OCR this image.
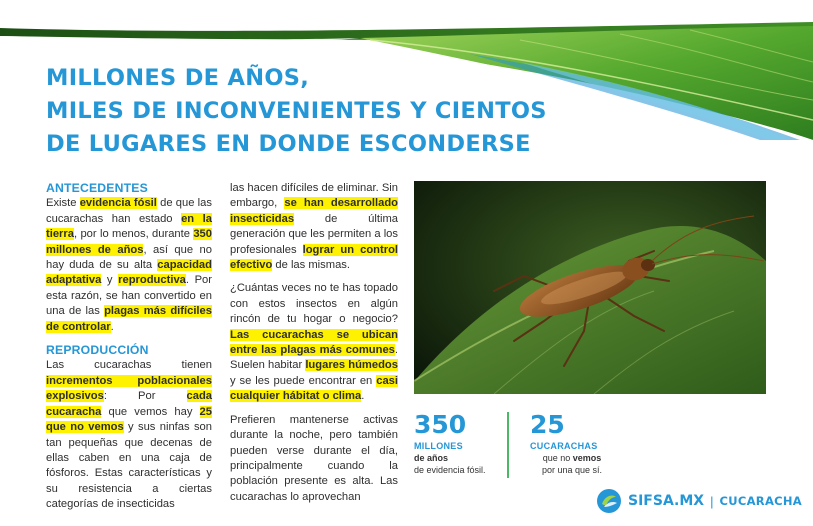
MILLONES DE AÑOS,
MILES DE INCONVENIENTES Y CIENTOS
DE LUGARES EN DONDE ESCONDERSE
ANTECEDENTES

Existe evidencia fósil de que las cucarachas han estado en la tierra, por lo menos, durante 350 millones de años, así que no hay duda de su alta capacidad adaptativa y reproductiva. Por esta razón, se han convertido en una de las plagas más difíciles de controlar.

REPRODUCCIÓN

Las cucarachas tienen incrementos poblacionales explosivos: Por cada cucaracha que vemos hay 25 que no vemos y sus ninfas son tan pequeñas que decenas de ellas caben en una caja de fósforos. Estas características y su resistencia a ciertas categorías de insecticidas

las hacen difíciles de eliminar. Sin embargo, se han desarrollado insecticidas de última generación que les permiten a los profesionales lograr un control efectivo de las mismas.

¿Cuántas veces no te has topado con estos insectos en algún rincón de tu hogar o negocio? Las cucarachas se ubican entre las plagas más comunes. Suelen habitar lugares húmedos y se les puede encontrar en casi cualquier hábitat o clima.

Prefieren mantenerse activas durante la noche, pero también pueden verse durante el día, principalmente cuando la población presente es alta. Las cucarachas lo aprovechan

350
MILLONES
de años
de evidencia fósil.
25
CUCARACHAS
que no vemos
por una que sí.
SIFSA.MX | CUCARACHA
